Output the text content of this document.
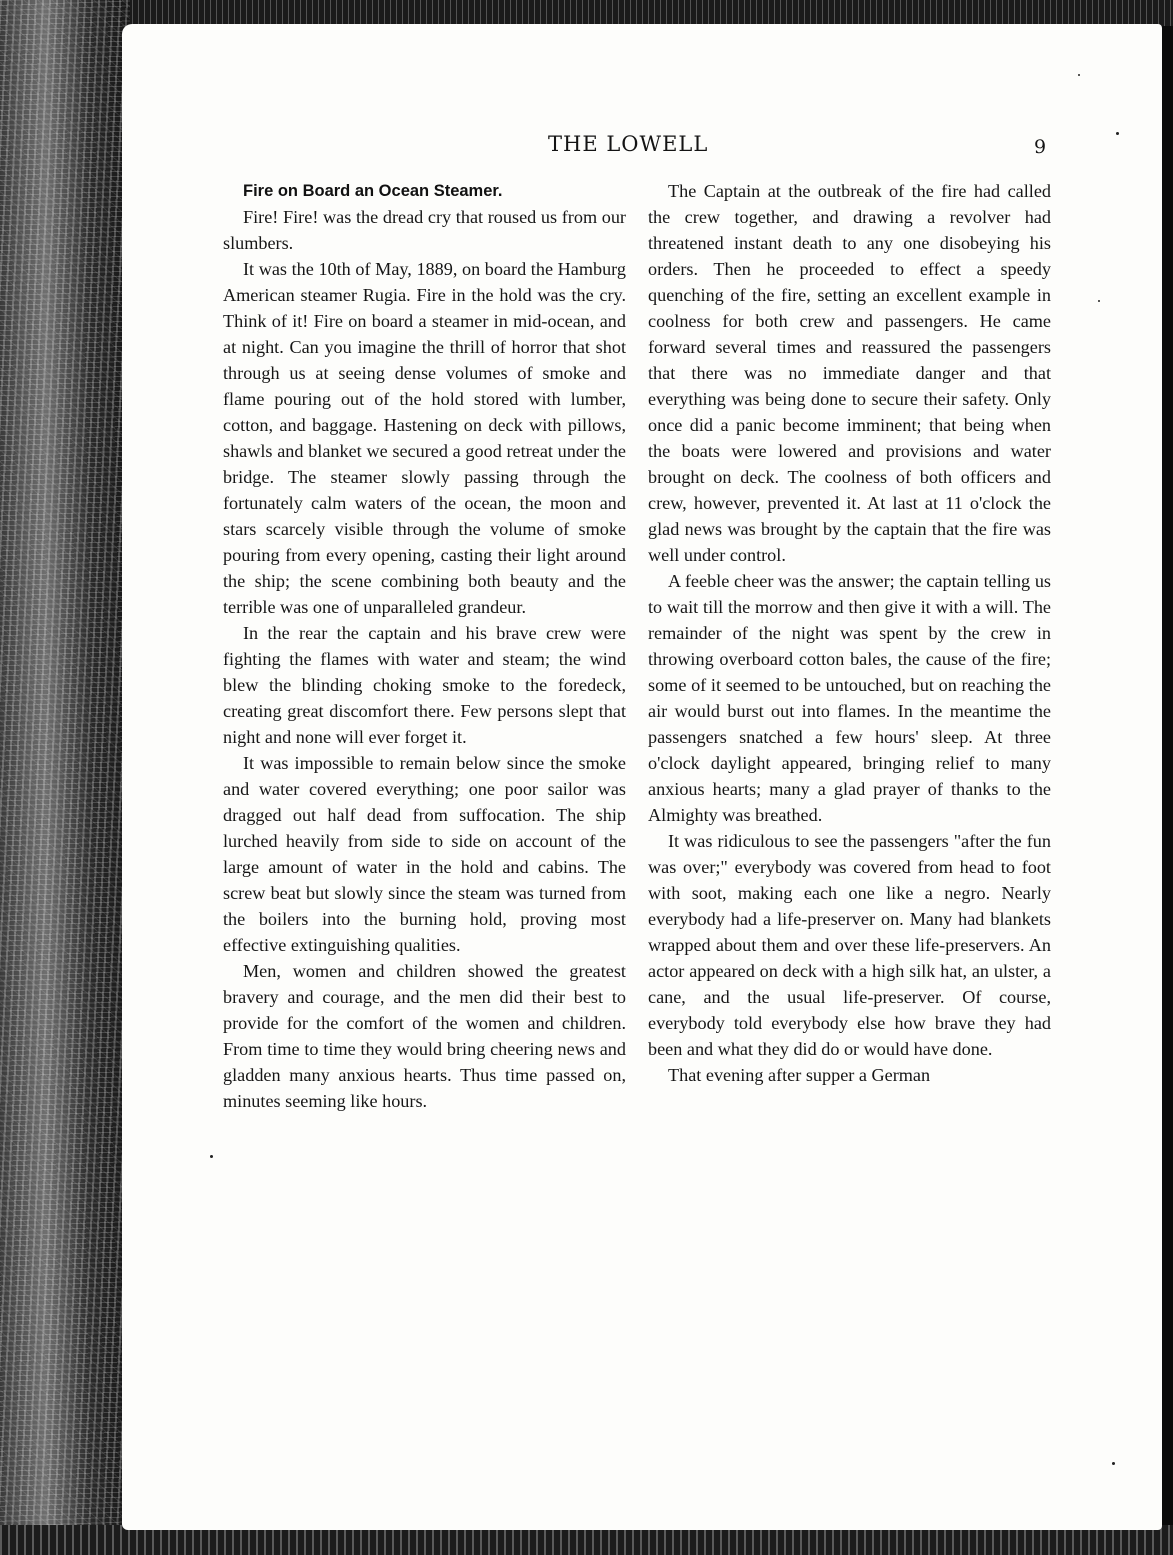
THE LOWELL	9
Fire on Board an Ocean Steamer.

Fire! Fire! was the dread cry that roused us from our slumbers.

It was the 10th of May, 1889, on board the Hamburg American steamer Rugia. Fire in the hold was the cry. Think of it! Fire on board a steamer in mid-ocean, and at night. Can you imagine the thrill of horror that shot through us at seeing dense volumes of smoke and flame pouring out of the hold stored with lumber, cotton, and baggage. Hastening on deck with pillows, shawls and blanket we secured a good retreat under the bridge. The steamer slowly passing through the fortunately calm waters of the ocean, the moon and stars scarcely visible through the volume of smoke pouring from every opening, casting their light around the ship; the scene combining both beauty and the terrible was one of unparalleled grandeur.

In the rear the captain and his brave crew were fighting the flames with water and steam; the wind blew the blinding choking smoke to the foredeck, creating great discomfort there. Few persons slept that night and none will ever forget it.

It was impossible to remain below since the smoke and water covered everything; one poor sailor was dragged out half dead from suffocation. The ship lurched heavily from side to side on account of the large amount of water in the hold and cabins. The screw beat but slowly since the steam was turned from the boilers into the burning hold, proving most effective extinguishing qualities.

Men, women and children showed the greatest bravery and courage, and the men did their best to provide for the comfort of the women and children. From time to time they would bring cheering news and gladden many anxious hearts. Thus time passed on, minutes seeming like hours.

The Captain at the outbreak of the fire had called the crew together, and drawing a revolver had threatened instant death to any one disobeying his orders. Then he proceeded to effect a speedy quenching of the fire, setting an excellent example in coolness for both crew and passengers. He came forward several times and reassured the passengers that there was no immediate danger and that everything was being done to secure their safety. Only once did a panic become imminent; that being when the boats were lowered and provisions and water brought on deck. The coolness of both officers and crew, however, prevented it. At last at 11 o'clock the glad news was brought by the captain that the fire was well under control.

A feeble cheer was the answer; the captain telling us to wait till the morrow and then give it with a will. The remainder of the night was spent by the crew in throwing overboard cotton bales, the cause of the fire; some of it seemed to be untouched, but on reaching the air would burst out into flames. In the meantime the passengers snatched a few hours' sleep. At three o'clock daylight appeared, bringing relief to many anxious hearts; many a glad prayer of thanks to the Almighty was breathed.

It was ridiculous to see the passengers "after the fun was over;" everybody was covered from head to foot with soot, making each one like a negro. Nearly everybody had a life-preserver on. Many had blankets wrapped about them and over these life-preservers. An actor appeared on deck with a high silk hat, an ulster, a cane, and the usual life-preserver. Of course, everybody told everybody else how brave they had been and what they did do or would have done.

That evening after supper a German
